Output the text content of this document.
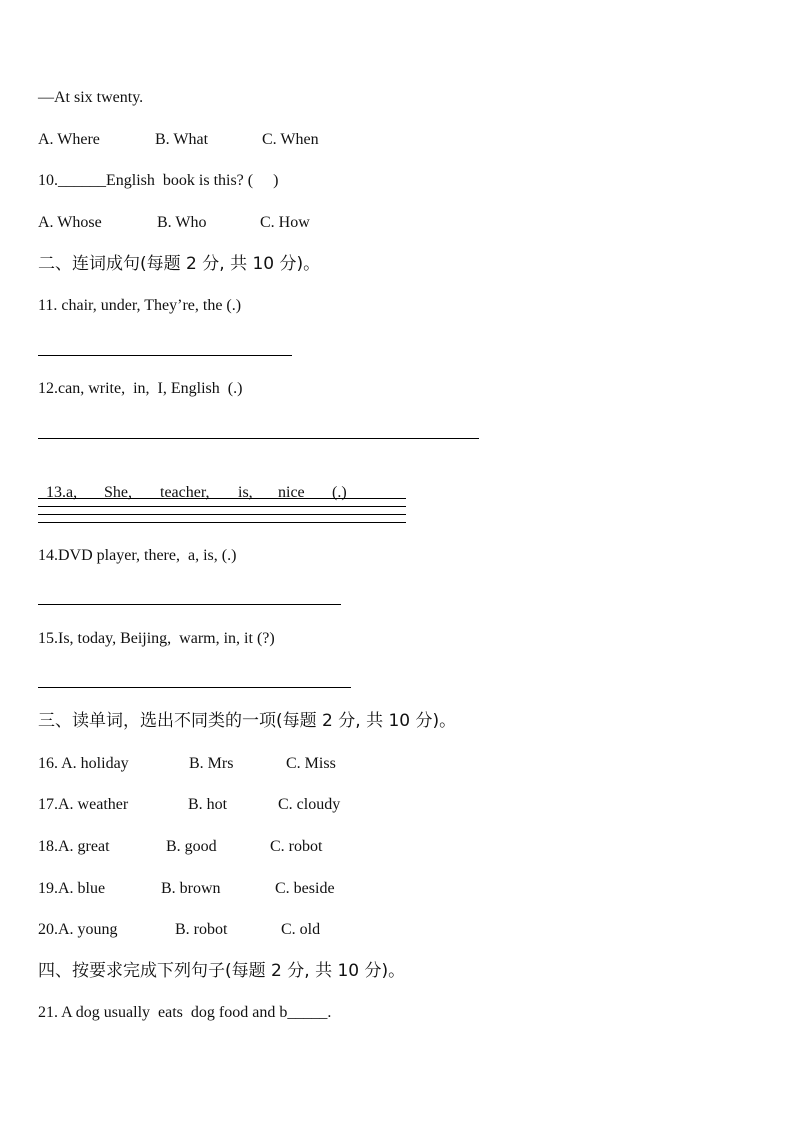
—At six twenty.
A. Where	B. What	C. When
10.______English  book is this? (     )
A. Whose	B. Who	C. How
二、连词成句(每题 2 分, 共 10 分)。
11. chair, under, They’re, the (.)
12.can, write,  in,  I, English  (.)

13.a, She, teacher, is, nice (.)

14.DVD player, there,  a, is, (.)
15.Is, today, Beijing,  warm, in, it (?)
三、读单词，选出不同类的一项(每题 2 分, 共 10 分)。
16. A. holiday	B. Mrs	C. Miss
17.A. weather	B. hot	C. cloudy
18.A. great	B. good	C. robot
19.A. blue	B. brown	C. beside
20.A. young	B. robot	C. old
四、按要求完成下列句子(每题 2 分, 共 10 分)。
21. A dog usually  eats  dog food and b_____.
